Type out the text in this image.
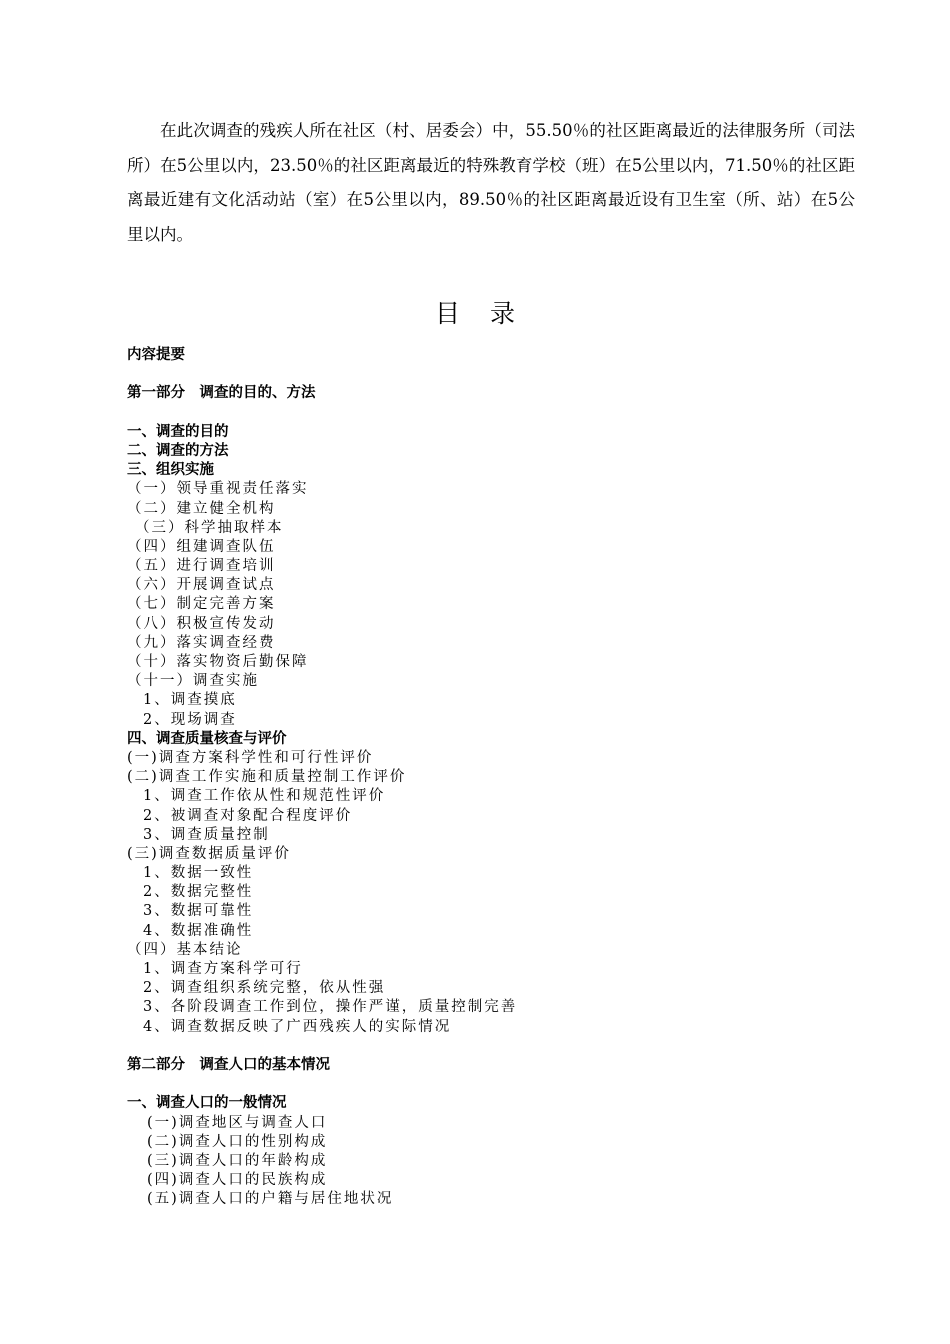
在此次调查的残疾人所在社区（村、居委会）中，55.50％的社区距离最近的法律服务所（司法所）在5公里以内，23.50％的社区距离最近的特殊教育学校（班）在5公里以内，71.50％的社区距离最近建有文化活动站（室）在5公里以内，89.50％的社区距离最近设有卫生室（所、站）在5公里以内。

目录
内容提要
第一部分　调查的目的、方法
一、调查的目的
二、调查的方法
三、组织实施
（一）领导重视责任落实
（二）建立健全机构
（三）科学抽取样本
（四）组建调查队伍
（五）进行调查培训
（六）开展调查试点
（七）制定完善方案
（八）积极宣传发动
（九）落实调查经费
（十）落实物资后勤保障
（十一）调查实施
1、调查摸底
2、现场调查
四、调查质量核查与评价
(一)调查方案科学性和可行性评价
(二)调查工作实施和质量控制工作评价
1、调查工作依从性和规范性评价
2、被调查对象配合程度评价
3、调查质量控制
(三)调查数据质量评价
1、数据一致性
2、数据完整性
3、数据可靠性
4、数据准确性
（四）基本结论
1、调查方案科学可行
2、调查组织系统完整，依从性强
3、各阶段调查工作到位，操作严谨，质量控制完善
4、调查数据反映了广西残疾人的实际情况
第二部分　调查人口的基本情况
一、调查人口的一般情况
(一)调查地区与调查人口
(二)调查人口的性别构成
(三)调查人口的年龄构成
(四)调查人口的民族构成
(五)调查人口的户籍与居住地状况
